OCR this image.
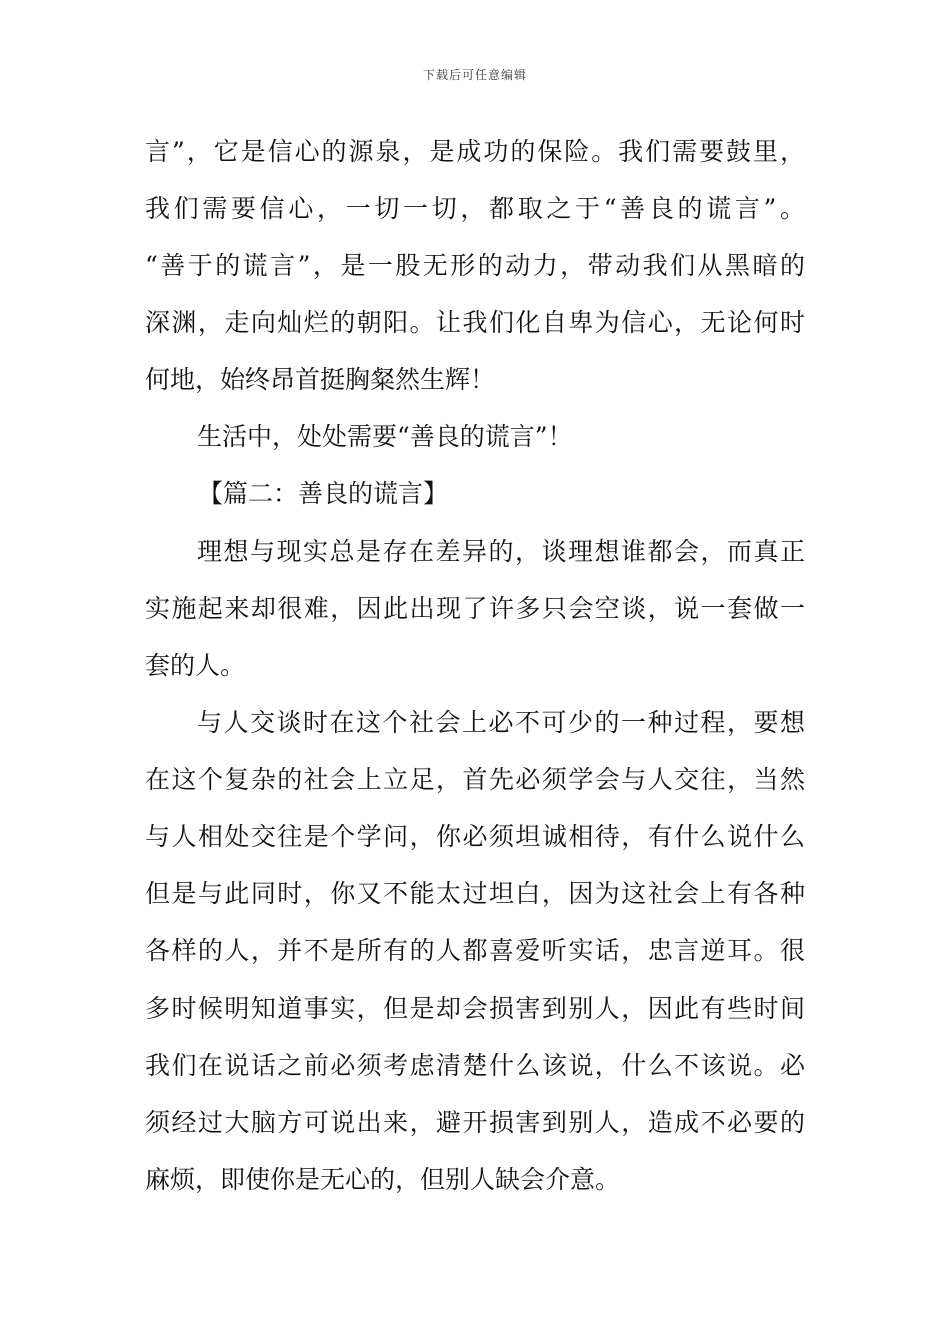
下载后可任意编辑
言”，它是信心的源泉，是成功的保险。我们需要鼓里，
我们需要信心，一切一切，都取之于“善良的谎言”。
“善于的谎言”，是一股无形的动力，带动我们从黑暗的
深渊，走向灿烂的朝阳。让我们化自卑为信心，无论何时
何地，始终昂首挺胸粲然生辉！
生活中，处处需要“善良的谎言”！
【篇二：善良的谎言】
理想与现实总是存在差异的，谈理想谁都会，而真正
实施起来却很难，因此出现了许多只会空谈，说一套做一
套的人。
与人交谈时在这个社会上必不可少的一种过程，要想
在这个复杂的社会上立足，首先必须学会与人交往，当然
与人相处交往是个学问，你必须坦诚相待，有什么说什么
但是与此同时，你又不能太过坦白，因为这社会上有各种
各样的人，并不是所有的人都喜爱听实话，忠言逆耳。很
多时候明知道事实，但是却会损害到别人，因此有些时间
我们在说话之前必须考虑清楚什么该说，什么不该说。必
须经过大脑方可说出来，避开损害到别人，造成不必要的
麻烦，即使你是无心的，但别人缺会介意。
